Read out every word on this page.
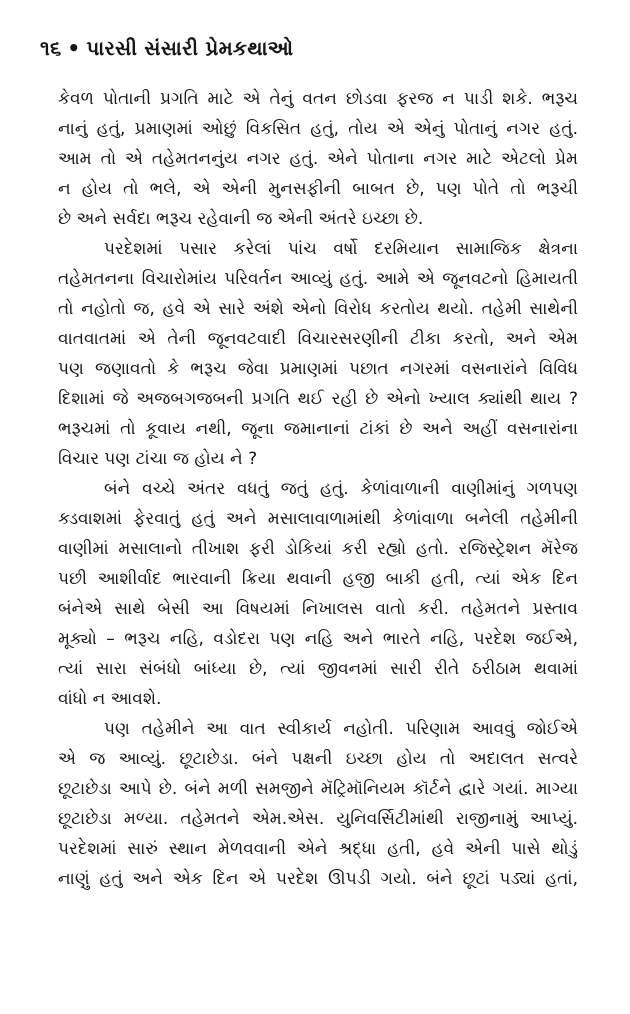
૧૬ • પારસી સંસારી પ્રેમકથાઓ
કેવળ પોતાની પ્રગતિ માટે એ તેનું વતન છોડવા ફરજ ન પાડી શકે. ભરૂચ
નાનું હતું, પ્રમાણમાં ઓછું વિકસિત હતું, તોય એ એનું પોતાનું નગર હતું.
આમ તો એ તહેમતનનુંય નગર હતું. એને પોતાના નગર માટે એટલો પ્રેમ
ન હોય તો ભલે, એ એની મુનસફીની બાબત છે, પણ પોતે તો ભરૂચી
છે અને સર્વદા ભરૂચ રહેવાની જ એની અંતરે ઇચ્છા છે.
પરદેશમાં પસાર કરેલાં પાંચ વર્ષો દરમિયાન સામાજિક ક્ષેત્રના
તહેમતનના વિચારોમાંય પરિવર્તન આવ્યું હતું. આમે એ જૂનવટનો હિમાયતી
તો નહોતો જ, હવે એ સારે અંશે એનો વિરોધ કરતોય થયો. તહેમી સાથેની
વાતવાતમાં એ તેની જૂનવટવાદી વિચારસરણીની ટીકા કરતો, અને એમ
પણ જણાવતો કે ભરૂચ જેવા પ્રમાણમાં પછાત નગરમાં વસનારાંને વિવિધ
દિશામાં જે અજબગજબની પ્રગતિ થઈ રહી છે એનો ખ્યાલ ક્યાંથી થાય ?
ભરૂચમાં તો કૂવાય નથી, જૂના જમાનાનાં ટાંકાં છે અને અહીં વસનારાંના
વિચાર પણ ટાંચા જ હોય ને ?
બંને વચ્ચે અંતર વધતું જતું હતું. કેળાંવાળાની વાણીમાંનું ગળપણ
ક્ડવાશમાં ફેરવાતું હતું અને મસાલાવાળામાંથી કેળાંવાળા બનેલી તહેમીની
વાણીમાં મસાલાનો તીખાશ ફરી ડોકિયાં કરી રહ્યો હતો. રજિસ્ટ્રેશન મૅરેજ
પછી આશીર્વાદ ભારવાની ક્રિયા થવાની હજી બાકી હતી, ત્યાં એક દિન
બંનેએ સાથે બેસી આ વિષયમાં નિખાલસ વાતો કરી. તહેમતને પ્રસ્તાવ
મૂક્યો – ભરૂચ નહિ, વડોદરા પણ નહિ અને ભારતે નહિ, પરદેશ જઈએ,
ત્યાં સારા સંબંધો બાંધ્યા છે, ત્યાં જીવનમાં સારી રીતે ઠરીઠામ થવામાં
વાંધો ન આવશે.
પણ તહેમીને આ વાત સ્વીકાર્ય નહોતી. પરિણામ આવવું જોઈએ
એ જ આવ્યું. છૂટાછેડા. બંને પક્ષની ઇચ્છા હોય તો અદાલત સત્વરે
છૂટાછેડા આપે છે. બંને મળી સમજીને મૅટ્રિમૉનિયમ કૉર્ટને દ્વારે ગયાં. માગ્યા
છૂટાછેડા મળ્યા. તહેમતને એમ.એસ. યુનિવર્સિટીમાંથી રાજીનામું આપ્યું.
પરદેશમાં સારું સ્થાન મેળવવાની એને શ્રદ્ધા હતી, હવે એની પાસે થોડું
નાણું હતું અને એક દિન એ પરદેશ ઊપડી ગયો. બંને છૂટાં પડ્યાં હતાં,
